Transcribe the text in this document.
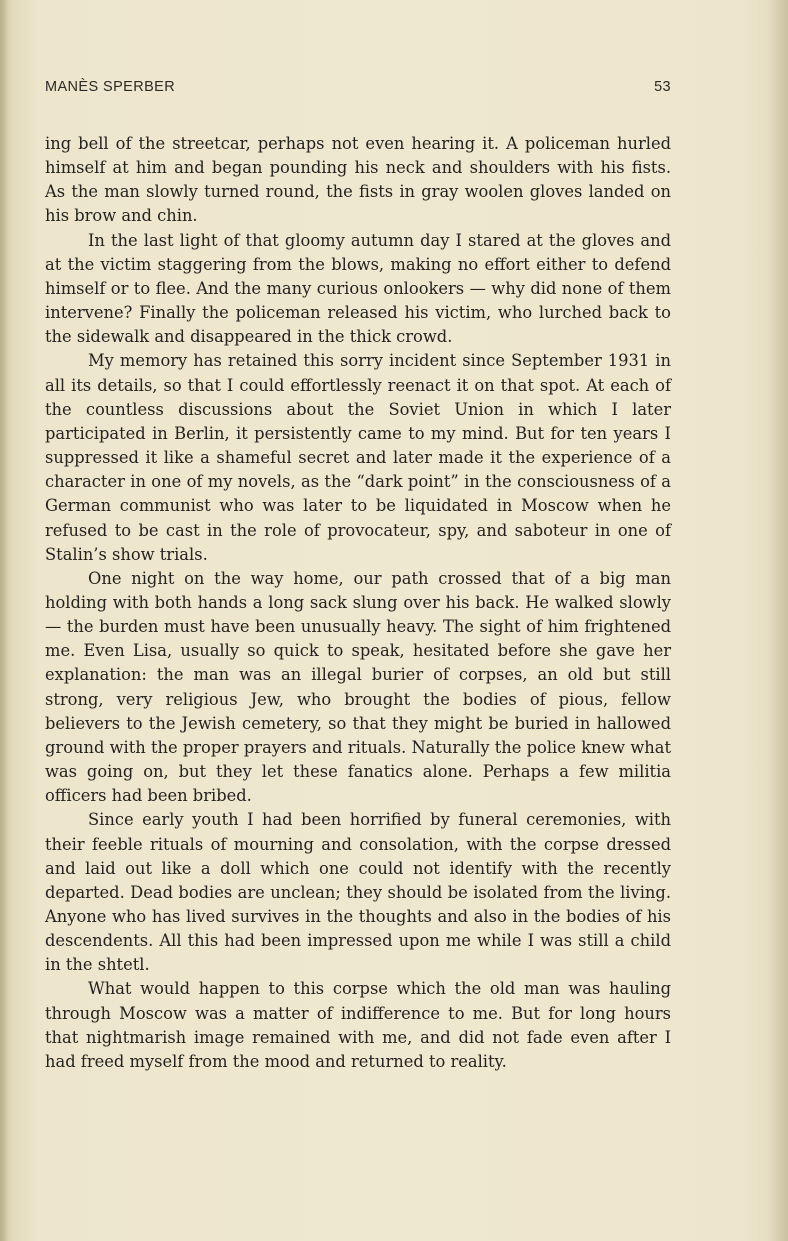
MANÈS SPERBER	53

ing bell of the streetcar, perhaps not even hearing it. A policeman hurled himself at him and began pounding his neck and shoulders with his fists. As the man slowly turned round, the fists in gray woolen gloves landed on his brow and chin.

In the last light of that gloomy autumn day I stared at the gloves and at the victim staggering from the blows, making no effort either to defend himself or to flee. And the many curious onlookers — why did none of them intervene? Finally the policeman released his victim, who lurched back to the sidewalk and disappeared in the thick crowd.

My memory has retained this sorry incident since September 1931 in all its details, so that I could effortlessly reenact it on that spot. At each of the countless discussions about the Soviet Union in which I later participated in Berlin, it persistently came to my mind. But for ten years I suppressed it like a shameful secret and later made it the experience of a character in one of my novels, as the “dark point” in the consciousness of a German communist who was later to be liquidated in Moscow when he refused to be cast in the role of provocateur, spy, and saboteur in one of Stalin’s show trials.

One night on the way home, our path crossed that of a big man holding with both hands a long sack slung over his back. He walked slowly — the burden must have been unusually heavy. The sight of him frightened me. Even Lisa, usually so quick to speak, hesitated before she gave her explanation: the man was an illegal burier of corpses, an old but still strong, very religious Jew, who brought the bodies of pious, fellow believers to the Jewish cemetery, so that they might be buried in hallowed ground with the proper prayers and rituals. Naturally the police knew what was going on, but they let these fanatics alone. Perhaps a few militia officers had been bribed.

Since early youth I had been horrified by funeral ceremonies, with their feeble rituals of mourning and consolation, with the corpse dressed and laid out like a doll which one could not identify with the recently departed. Dead bodies are unclean; they should be isolated from the living. Anyone who has lived survives in the thoughts and also in the bodies of his descendents. All this had been impressed upon me while I was still a child in the shtetl.

What would happen to this corpse which the old man was hauling through Moscow was a matter of indifference to me. But for long hours that nightmarish image remained with me, and did not fade even after I had freed myself from the mood and returned to reality.
